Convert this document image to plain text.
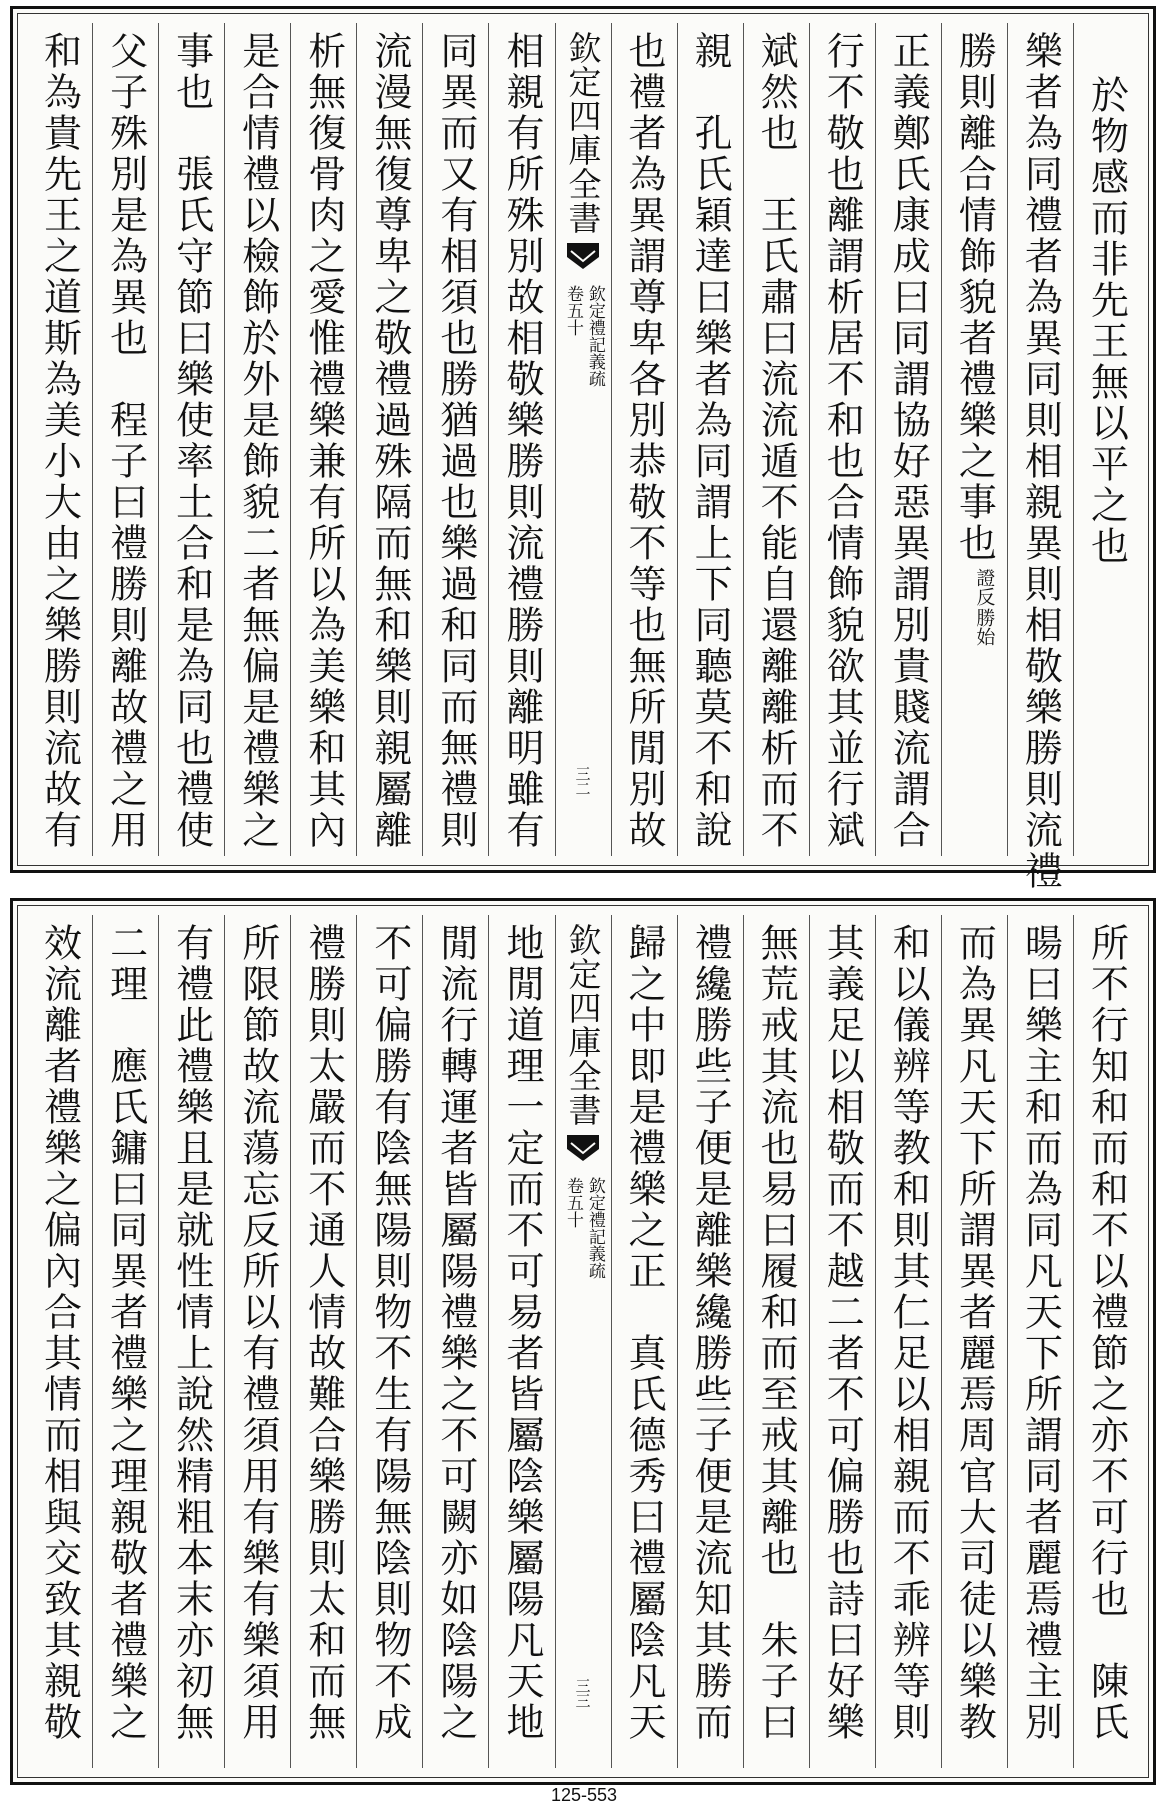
於物感而非先王無以平之也
樂者為同禮者為異同則相親異則相敬樂勝則流禮
勝則離合情飾貌者禮樂之事也
勝始
證反
正義鄭氏康成曰同謂協好惡異謂別貴賤流謂合
行不敬也離謂析居不和也合情飾貌欲其並行斌
斌然也　王氏肅曰流流遁不能自還離離析而不
親　孔氏穎達曰樂者為同謂上下同聽莫不和說
也禮者為異謂尊卑各別恭敬不等也無所閒別故
欽定四庫全書
欽定禮記義疏
卷五十
三二
相親有所殊別故相敬樂勝則流禮勝則離明雖有
同異而又有相須也勝猶過也樂過和同而無禮則
流漫無復尊卑之敬禮過殊隔而無和樂則親屬離
析無復骨肉之愛惟禮樂兼有所以為美樂和其內
是合情禮以檢飾於外是飾貌二者無偏是禮樂之
事也　張氏守節曰樂使率土合和是為同也禮使
父子殊別是為異也　程子曰禮勝則離故禮之用
和為貴先王之道斯為美小大由之樂勝則流故有
所不行知和而和不以禮節之亦不可行也　陳氏
暘曰樂主和而為同凡天下所謂同者麗焉禮主別
而為異凡天下所謂異者麗焉周官大司徒以樂教
和以儀辨等教和則其仁足以相親而不乖辨等則
其義足以相敬而不越二者不可偏勝也詩曰好樂
無荒戒其流也易曰履和而至戒其離也　朱子曰
禮纔勝些子便是離樂纔勝些子便是流知其勝而
歸之中即是禮樂之正　真氏德秀曰禮屬陰凡天
欽定四庫全書
欽定禮記義疏
卷五十
三三
地閒道理一定而不可易者皆屬陰樂屬陽凡天地
閒流行轉運者皆屬陽禮樂之不可闕亦如陰陽之
不可偏勝有陰無陽則物不生有陽無陰則物不成
禮勝則太嚴而不通人情故難合樂勝則太和而無
所限節故流蕩忘反所以有禮須用有樂有樂須用
有禮此禮樂且是就性情上說然精粗本末亦初無
二理　應氏鏞曰同異者禮樂之理親敬者禮樂之
效流離者禮樂之偏內合其情而相與交致其親敬
125-553
